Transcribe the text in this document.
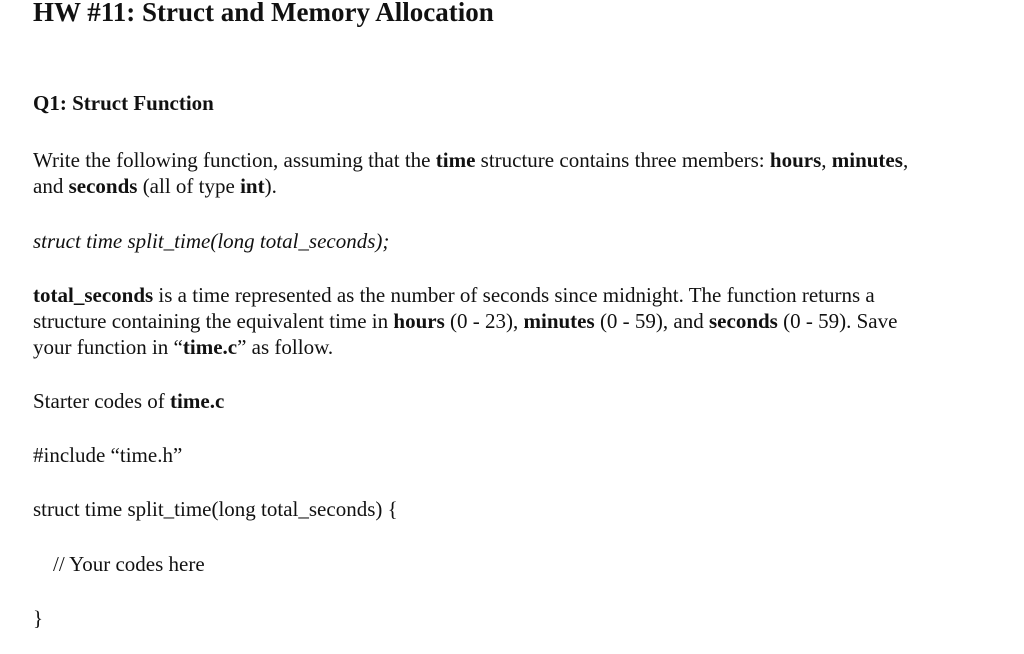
HW #11: Struct and Memory Allocation
Q1: Struct Function
Write the following function, assuming that the time structure contains three members: hours, minutes,
and seconds (all of type int).
struct time split_time(long total_seconds);
total_seconds is a time represented as the number of seconds since midnight. The function returns a
structure containing the equivalent time in hours (0 - 23), minutes (0 - 59), and seconds (0 - 59). Save
your function in “time.c” as follow.
Starter codes of time.c
#include “time.h”
struct time split_time(long total_seconds) {
// Your codes here
}
